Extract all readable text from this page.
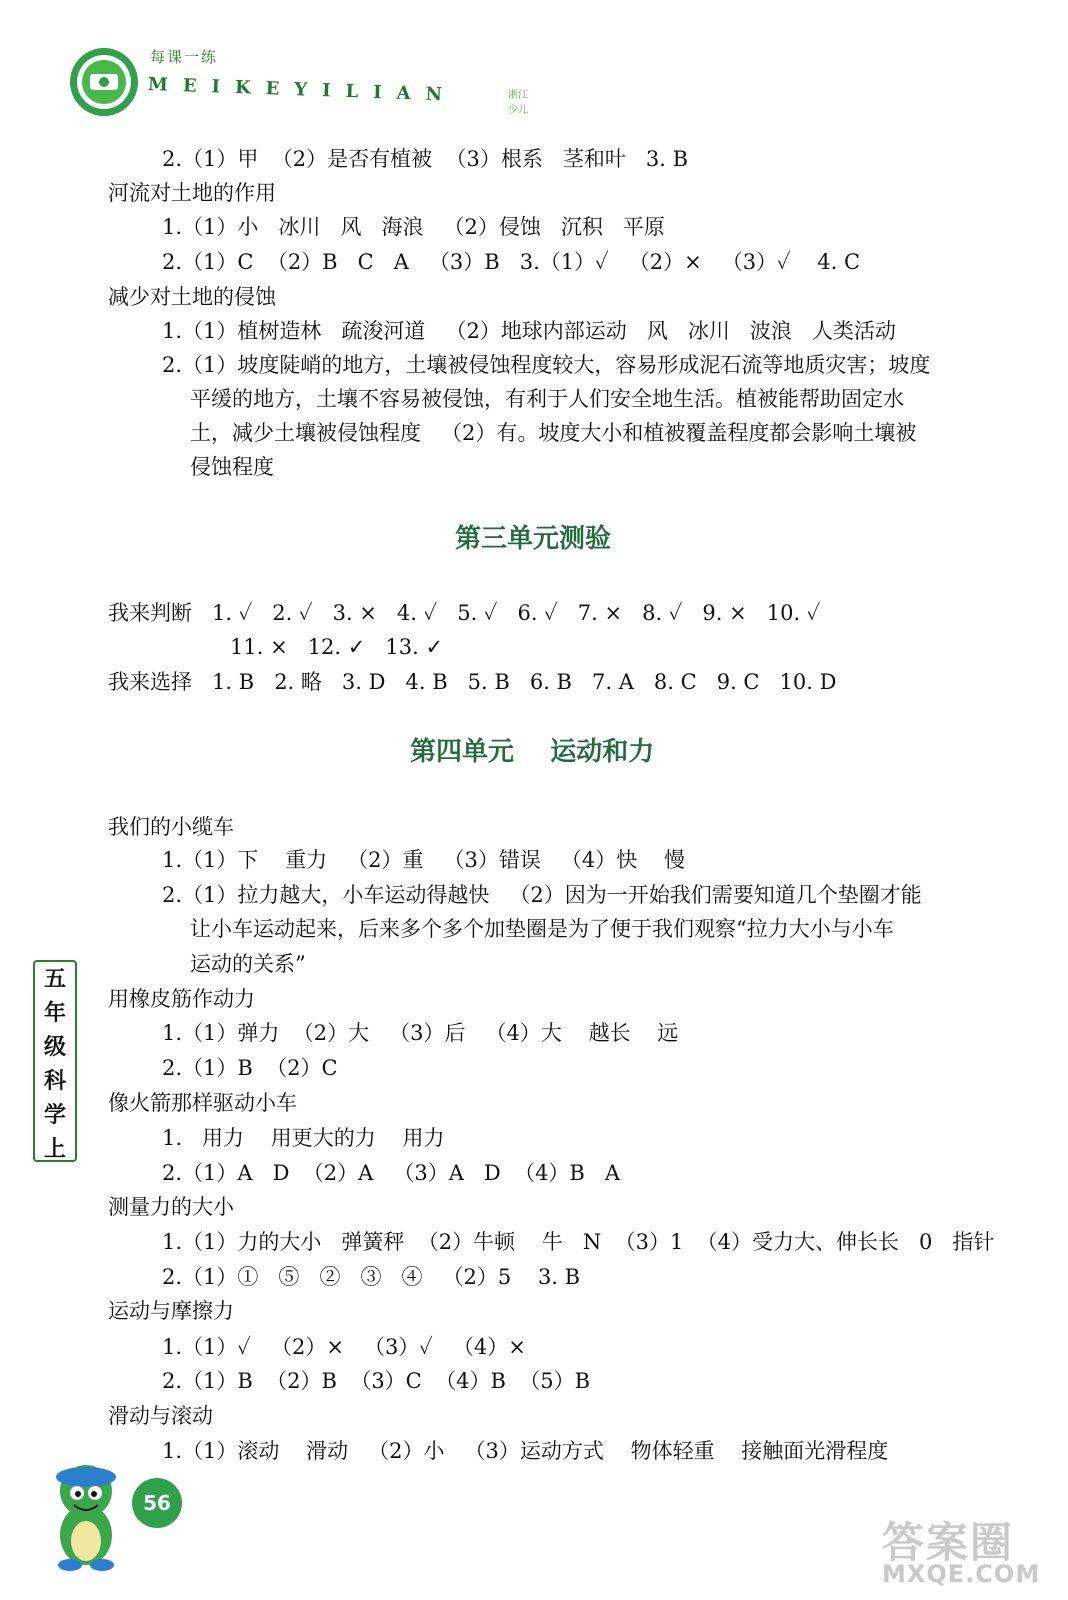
每课一练
MEIKEYILIAN	浙江少儿
2.（1）甲  （2）是否有植被  （3）根系   茎和叶   3. B
河流对土地的作用
1.（1）小   冰川   风   海浪   （2）侵蚀   沉积   平原
2.（1）C  （2）B   C   A   （3）B   3.（1）✓   （2）×   （3）✓    4. C
减少对土地的侵蚀
1.（1）植树造林   疏浚河道   （2）地球内部运动   风   冰川   波浪   人类活动
2.（1）坡度陡峭的地方，土壤被侵蚀程度较大，容易形成泥石流等地质灾害；坡度
平缓的地方，土壤不容易被侵蚀，有利于人们安全地生活。植被能帮助固定水
土，减少土壤被侵蚀程度   （2）有。坡度大小和植被覆盖程度都会影响土壤被
侵蚀程度
第三单元测验
我来判断   1. ✓   2. ✓   3. ×   4. ✓   5. ✓   6. ✓   7. ×   8. ✓   9. ×   10. ✓
11. ×   12. ✓   13. ✓
我来选择   1. B   2. 略   3. D   4. B   5. B   6. B   7. A   8. C   9. C   10. D
第四单元    运动和力
我们的小缆车
1.（1）下    重力   （2）重   （3）错误   （4）快    慢
2.（1）拉力越大，小车运动得越快   （2）因为一开始我们需要知道几个垫圈才能
让小车运动起来，后来多个多个加垫圈是为了便于我们观察“拉力大小与小车
运动的关系”
用橡皮筋作动力
1.（1）弹力  （2）大   （3）后   （4）大    越长    远
2.（1）B  （2）C
像火箭那样驱动小车
1.   用力    用更大的力    用力
2.（1）A   D  （2）A   （3）A   D  （4）B   A
测量力的大小
1.（1）力的大小   弹簧秤  （2）牛顿    牛   N  （3）1  （4）受力大、伸长长   0   指针
2.（1）①   ⑤   ②   ③   ④   （2）5    3. B
运动与摩擦力
1.（1）✓   （2）×   （3）✓   （4）×
2.（1）B  （2）B  （3）C  （4）B  （5）B
滑动与滚动
1.（1）滚动    滑动   （2）小   （3）运动方式    物体轻重    接触面光滑程度
五
年
级
科
学
上
56
答案圈
MXQE.COM
